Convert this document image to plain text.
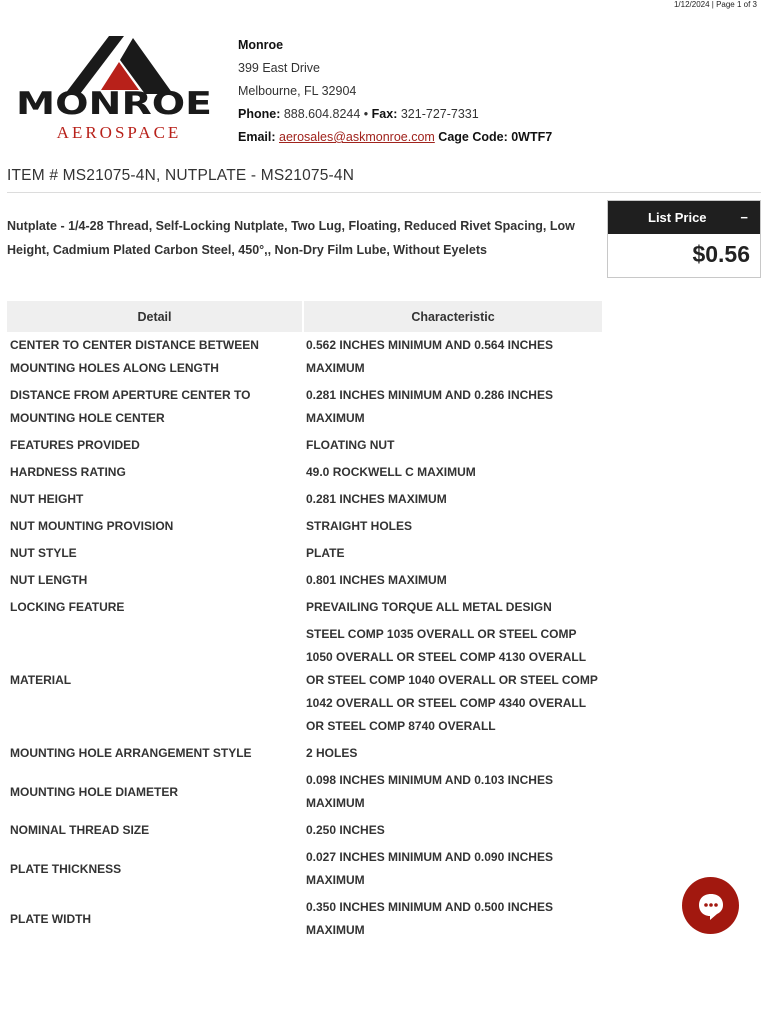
1/12/2024 | Page 1 of 3
MONROE
AEROSPACE
Monroe
399 East Drive
Melbourne, FL 32904
Phone: 888.604.8244 • Fax: 321-727-7331
Email: aerosales@askmonroe.com Cage Code: 0WTF7
ITEM # MS21075-4N, NUTPLATE - MS21075-4N
Nutplate - 1/4-28 Thread, Self-Locking Nutplate, Two Lug, Floating, Reduced Rivet Spacing, Low Height, Cadmium Plated Carbon Steel, 450°,, Non-Dry Film Lube, Without Eyelets
List Price	−
$0.56
Detail	Characteristic
CENTER TO CENTER DISTANCE BETWEEN MOUNTING HOLES ALONG LENGTH	0.562 INCHES MINIMUM AND 0.564 INCHES MAXIMUM
DISTANCE FROM APERTURE CENTER TO MOUNTING HOLE CENTER	0.281 INCHES MINIMUM AND 0.286 INCHES MAXIMUM
FEATURES PROVIDED	FLOATING NUT
HARDNESS RATING	49.0 ROCKWELL C MAXIMUM
NUT HEIGHT	0.281 INCHES MAXIMUM
NUT MOUNTING PROVISION	STRAIGHT HOLES
NUT STYLE	PLATE
NUT LENGTH	0.801 INCHES MAXIMUM
LOCKING FEATURE	PREVAILING TORQUE ALL METAL DESIGN
MATERIAL	STEEL COMP 1035 OVERALL OR STEEL COMP 1050 OVERALL OR STEEL COMP 4130 OVERALL OR STEEL COMP 1040 OVERALL OR STEEL COMP 1042 OVERALL OR STEEL COMP 4340 OVERALL OR STEEL COMP 8740 OVERALL
MOUNTING HOLE ARRANGEMENT STYLE	2 HOLES
MOUNTING HOLE DIAMETER	0.098 INCHES MINIMUM AND 0.103 INCHES MAXIMUM
NOMINAL THREAD SIZE	0.250 INCHES
PLATE THICKNESS	0.027 INCHES MINIMUM AND 0.090 INCHES MAXIMUM
PLATE WIDTH	0.350 INCHES MINIMUM AND 0.500 INCHES MAXIMUM
